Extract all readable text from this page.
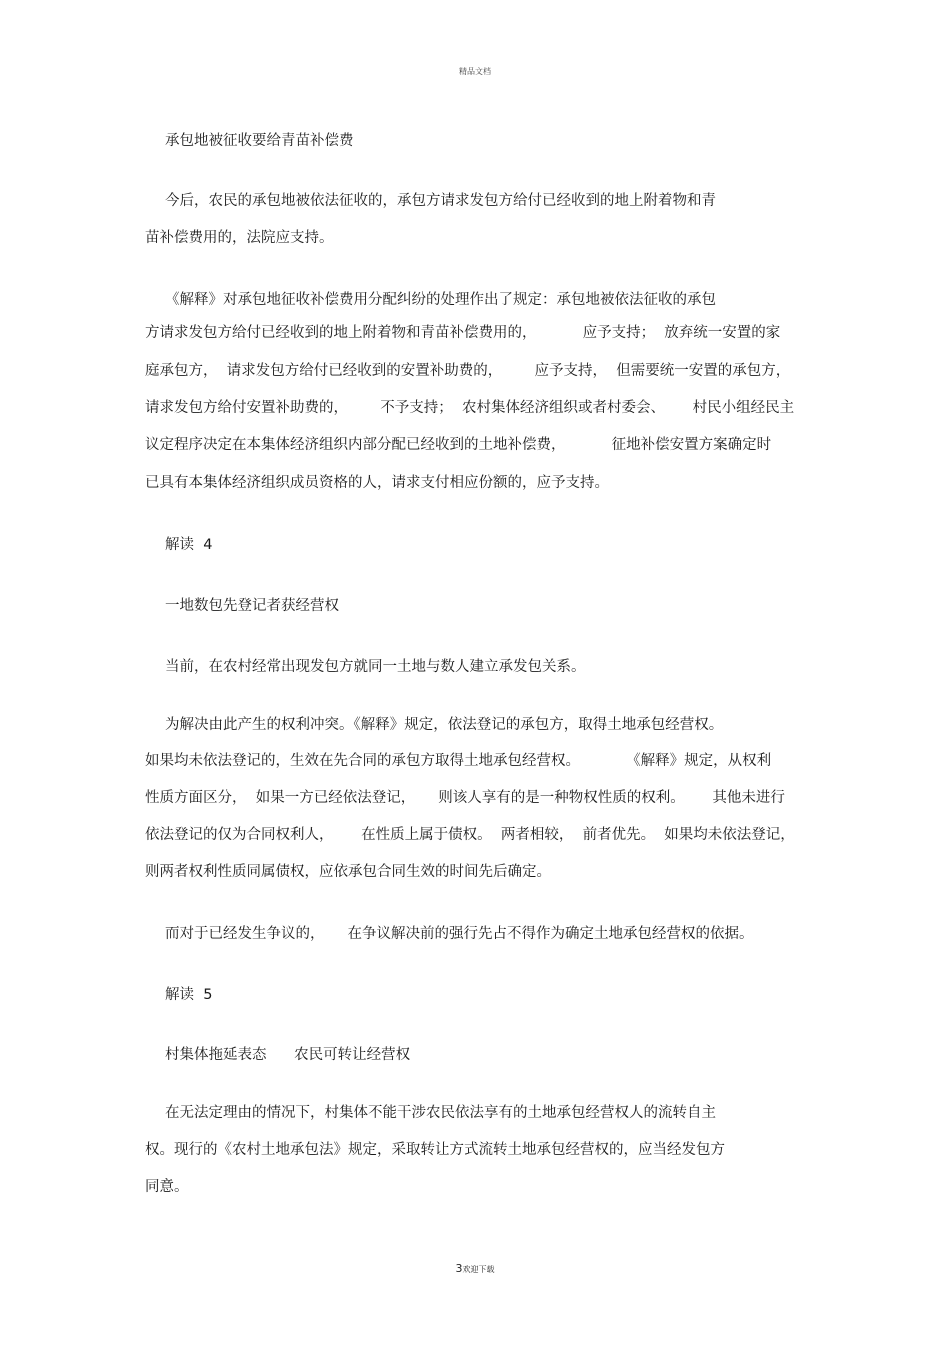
精品文档
承包地被征收要给青苗补偿费
今后，农民的承包地被依法征收的，承包方请求发包方给付已经收到的地上附着物和青
苗补偿费用的，法院应支持。
《解释》对承包地征收补偿费用分配纠纷的处理作出了规定：承包地被依法征收的承包
方请求发包方给付已经收到的地上附着物和青苗补偿费用的，          应予支持；  放弃统一安置的家
庭承包方，  请求发包方给付已经收到的安置补助费的，       应予支持，  但需要统一安置的承包方，
请求发包方给付安置补助费的，       不予支持；  农村集体经济组织或者村委会、      村民小组经民主
议定程序决定在本集体经济组织内部分配已经收到的土地补偿费，          征地补偿安置方案确定时
已具有本集体经济组织成员资格的人，请求支付相应份额的，应予支持。
解读  4
一地数包先登记者获经营权
当前，在农村经常出现发包方就同一土地与数人建立承发包关系。
为解决由此产生的权利冲突。《解释》规定，依法登记的承包方，取得土地承包经营权。
如果均未依法登记的，生效在先合同的承包方取得土地承包经营权。          《解释》规定，从权利
性质方面区分，  如果一方已经依法登记，     则该人享有的是一种物权性质的权利。      其他未进行
依法登记的仅为合同权利人，      在性质上属于债权。  两者相较，  前者优先。  如果均未依法登记，
则两者权利性质同属债权，应依承包合同生效的时间先后确定。
而对于已经发生争议的，     在争议解决前的强行先占不得作为确定土地承包经营权的依据。
解读  5
村集体拖延表态      农民可转让经营权
在无法定理由的情况下，村集体不能干涉农民依法享有的土地承包经营权人的流转自主
权。现行的《农村土地承包法》规定，采取转让方式流转土地承包经营权的，应当经发包方
同意。
3欢迎下载
